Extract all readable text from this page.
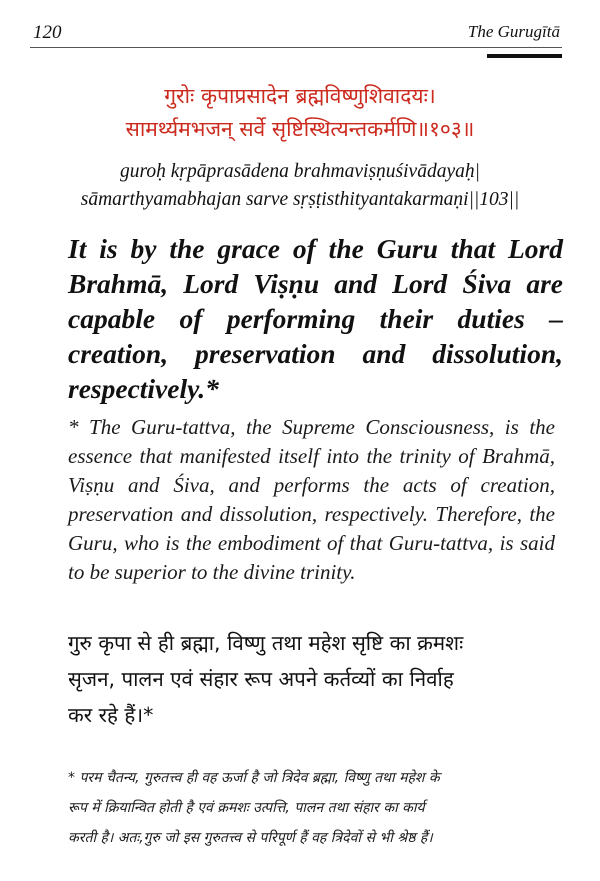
120	The Gurugītā
गुरोः कृपाप्रसादेन ब्रह्मविष्णुशिवादयः।
सामर्थ्यमभजन् सर्वे सृष्टिस्थित्यन्तकर्मणि॥१०३॥
guroḥ kṛpāprasādena brahmaviṣṇuśivādayaḥ|
sāmarthyamabhajan sarve sṛṣṭisthityantakarmaṇi||103||
It is by the grace of the Guru that Lord Brahmā, Lord Viṣṇu and Lord Śiva are capable of performing their duties – creation, preservation and dissolution, respectively.*
* The Guru-tattva, the Supreme Consciousness, is the essence that manifested itself into the trinity of Brahmā, Viṣṇu and Śiva, and performs the acts of creation, preservation and dissolution, respectively. Therefore, the Guru, who is the embodiment of that Guru-tattva, is said to be superior to the divine trinity.
गुरु कृपा से ही ब्रह्मा, विष्णु तथा महेश सृष्टि का क्रमशः
सृजन, पालन एवं संहार रूप अपने कर्तव्यों का निर्वाह
कर रहे हैं।*
* परम चैतन्य, गुरुतत्त्व ही वह ऊर्जा है जो त्रिदेव ब्रह्मा, विष्णु तथा महेश के
रूप में क्रियान्वित होती है एवं क्रमशः उत्पत्ति, पालन तथा संहार का कार्य
करती है। अतः,गुरु जो इस गुरुतत्त्व से परिपूर्ण हैं वह त्रिदेवों से भी श्रेष्ठ हैं।
